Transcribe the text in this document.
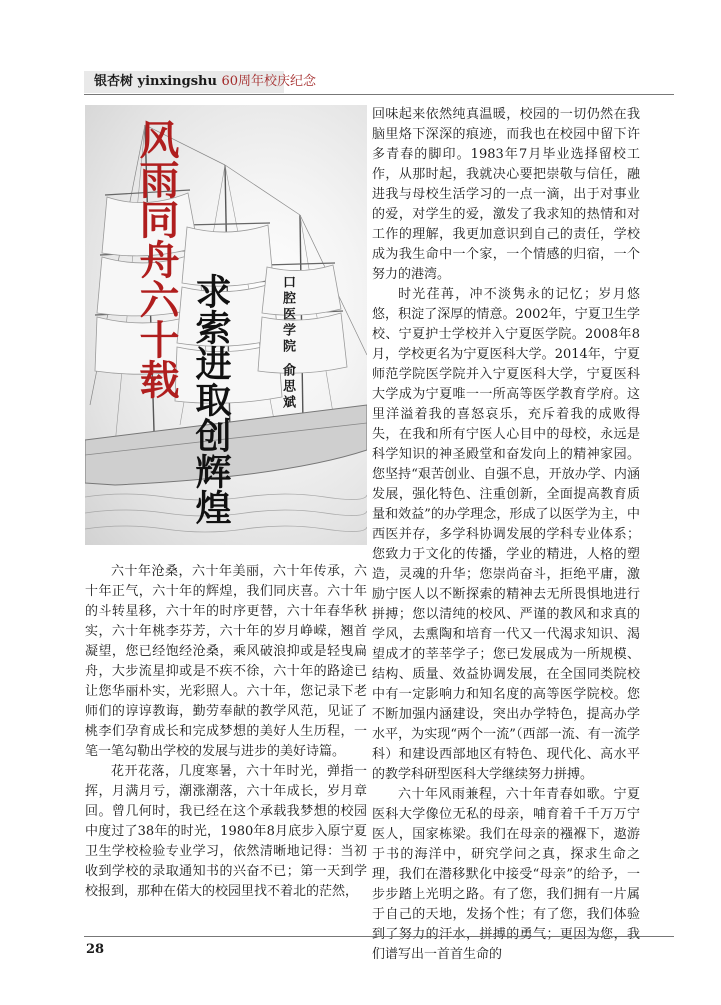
银杏树 yinxingshu 60周年校庆纪念
风雨同舟六十载 求索进取创辉煌	口腔医学院
俞思斌

六十年沧桑，六十年美丽，六十年传承，六十年正气，六十年的辉煌，我们同庆喜。六十年的斗转星移，六十年的时序更替，六十年春华秋实，六十年桃李芬芳，六十年的岁月峥嵘，翘首凝望，您已经饱经沧桑，乘风破浪抑或是轻曳扁舟，大步流星抑或是不疾不徐，六十年的路途已让您华丽朴实，光彩照人。六十年，您记录下老师们的谆谆教诲，勤劳奉献的教学风范，见证了桃李们孕育成长和完成梦想的美好人生历程，一笔一笔勾勒出学校的发展与进步的美好诗篇。

花开花落，几度寒暑，六十年时光，弹指一挥，月满月亏，潮涨潮落，六十年成长，岁月章回。曾几何时，我已经在这个承载我梦想的校园中度过了38年的时光，1980年8月底步入原宁夏卫生学校检验专业学习，依然清晰地记得：当初收到学校的录取通知书的兴奋不已；第一天到学校报到，那种在偌大的校园里找不着北的茫然，

回味起来依然纯真温暖，校园的一切仍然在我脑里烙下深深的痕迹，而我也在校园中留下许多青春的脚印。1983年7月毕业选择留校工作，从那时起，我就决心要把崇敬与信任，融进我与母校生活学习的一点一滴，出于对事业的爱，对学生的爱，激发了我求知的热情和对工作的理解，我更加意识到自己的责任，学校成为我生命中一个家，一个情感的归宿，一个努力的港湾。

时光荏苒，冲不淡隽永的记忆；岁月悠悠，积淀了深厚的情意。2002年，宁夏卫生学校、宁夏护士学校并入宁夏医学院。2008年8月，学校更名为宁夏医科大学。2014年，宁夏师范学院医学院并入宁夏医科大学，宁夏医科大学成为宁夏唯一一所高等医学教育学府。这里洋溢着我的喜怒哀乐，充斥着我的成败得失，在我和所有宁医人心目中的母校，永远是科学知识的神圣殿堂和奋发向上的精神家园。您坚持“艰苦创业、自强不息，开放办学、内涵发展，强化特色、注重创新，全面提高教育质量和效益”的办学理念，形成了以医学为主，中西医并存，多学科协调发展的学科专业体系；您致力于文化的传播，学业的精进，人格的塑造，灵魂的升华；您崇尚奋斗，拒绝平庸，激励宁医人以不断探索的精神去无所畏惧地进行拼搏；您以清纯的校风、严谨的教风和求真的学风，去熏陶和培育一代又一代渴求知识、渴望成才的莘莘学子；您已发展成为一所规模、结构、质量、效益协调发展，在全国同类院校中有一定影响力和知名度的高等医学院校。您不断加强内涵建设，突出办学特色，提高办学水平，为实现“两个一流”（西部一流、有一流学科）和建设西部地区有特色、现代化、高水平的教学科研型医科大学继续努力拼搏。

六十年风雨兼程，六十年青春如歌。宁夏医科大学像位无私的母亲，哺育着千千万万宁医人，国家栋梁。我们在母亲的襁褓下，遨游于书的海洋中，研究学问之真，探求生命之理，我们在潜移默化中接受“母亲”的给予，一步步踏上光明之路。有了您，我们拥有一片属于自己的天地，发扬个性；有了您，我们体验到了努力的汗水，拼搏的勇气；更因为您，我们谱写出一首首生命的

28
